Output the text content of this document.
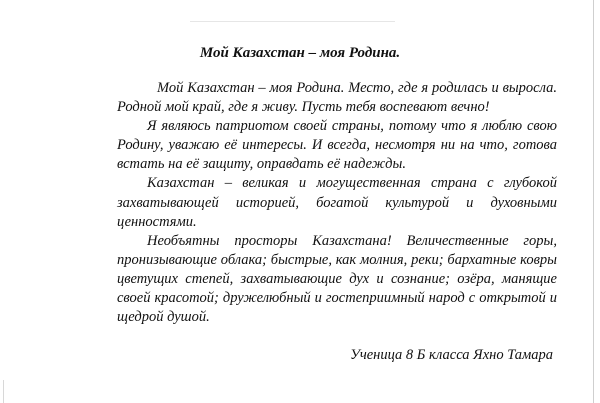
Мой Казахстан – моя Родина.

Мой Казахстан – моя Родина. Место, где я родилась и выросла. Родной мой край, где я живу. Пусть тебя воспевают вечно!

Я являюсь патриотом своей страны, потому что я люблю свою Родину, уважаю её интересы. И всегда, несмотря ни на что, готова встать на её защиту, оправдать её надежды.

Казахстан – великая и могущественная страна с глубокой захватывающей историей, богатой культурой и духовными ценностями.

Необъятны просторы Казахстана! Величественные горы, пронизывающие облака; быстрые, как молния, реки; бархатные ковры цветущих степей, захватывающие дух и сознание; озёра, манящие своей красотой; дружелюбный и гостеприимный народ с открытой и щедрой душой.

Ученица 8 Б класса Яхно Тамара
